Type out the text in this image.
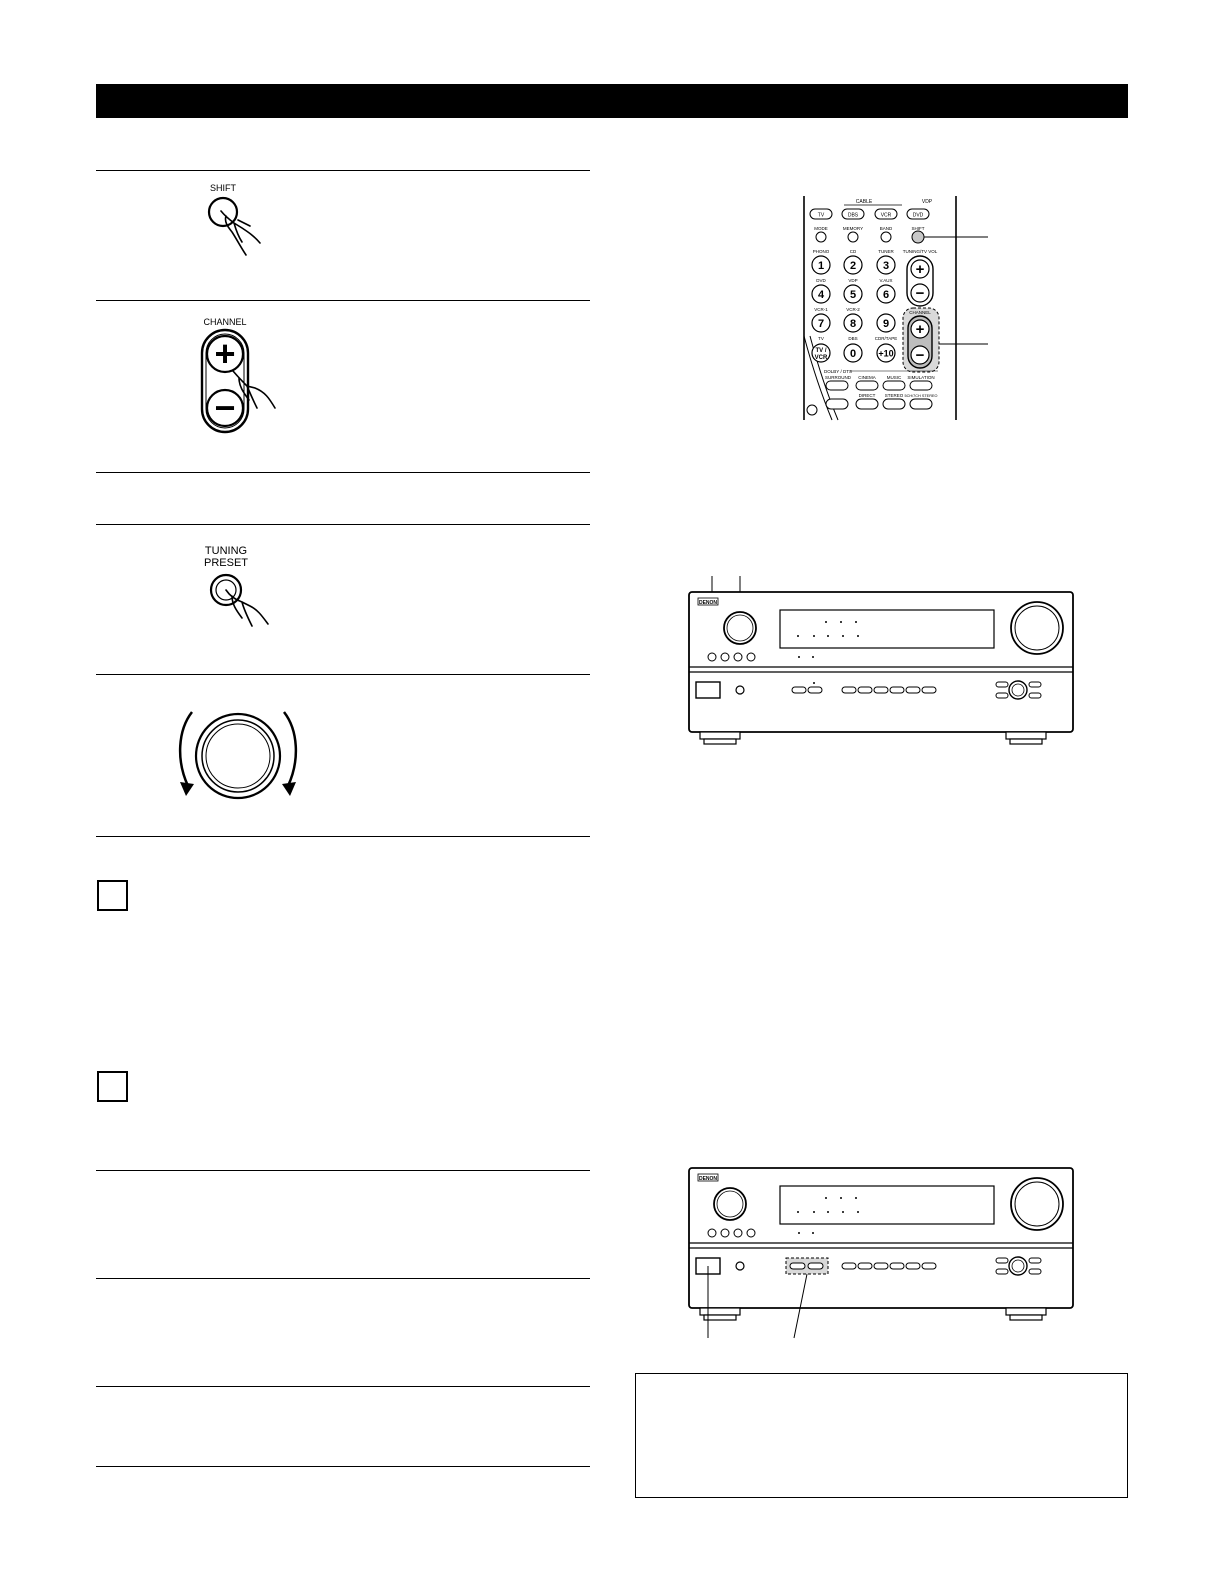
SHIFT
CHANNEL
+
−
TUNING
PRESET
CABLE	VDP
TV	DBS	VCR	DVD
MODE	MEMORY	BAND	SHIFT
PHONO	CD	TUNER TUNING/TV VOL
1 2 3
DVD	VDP	V.AUX
4 5 6
VCR-1	VCR-2
7 8 9
TV	DBS	CDR/TAPE
TV /
VCR 0 +10
+
−
CHANNEL
+
−
DOLBY / DTS
SURROUND CINEMA MUSIC SIMULATION
DIRECT STEREO 5CH/7CH STEREO
DENON
DENON
